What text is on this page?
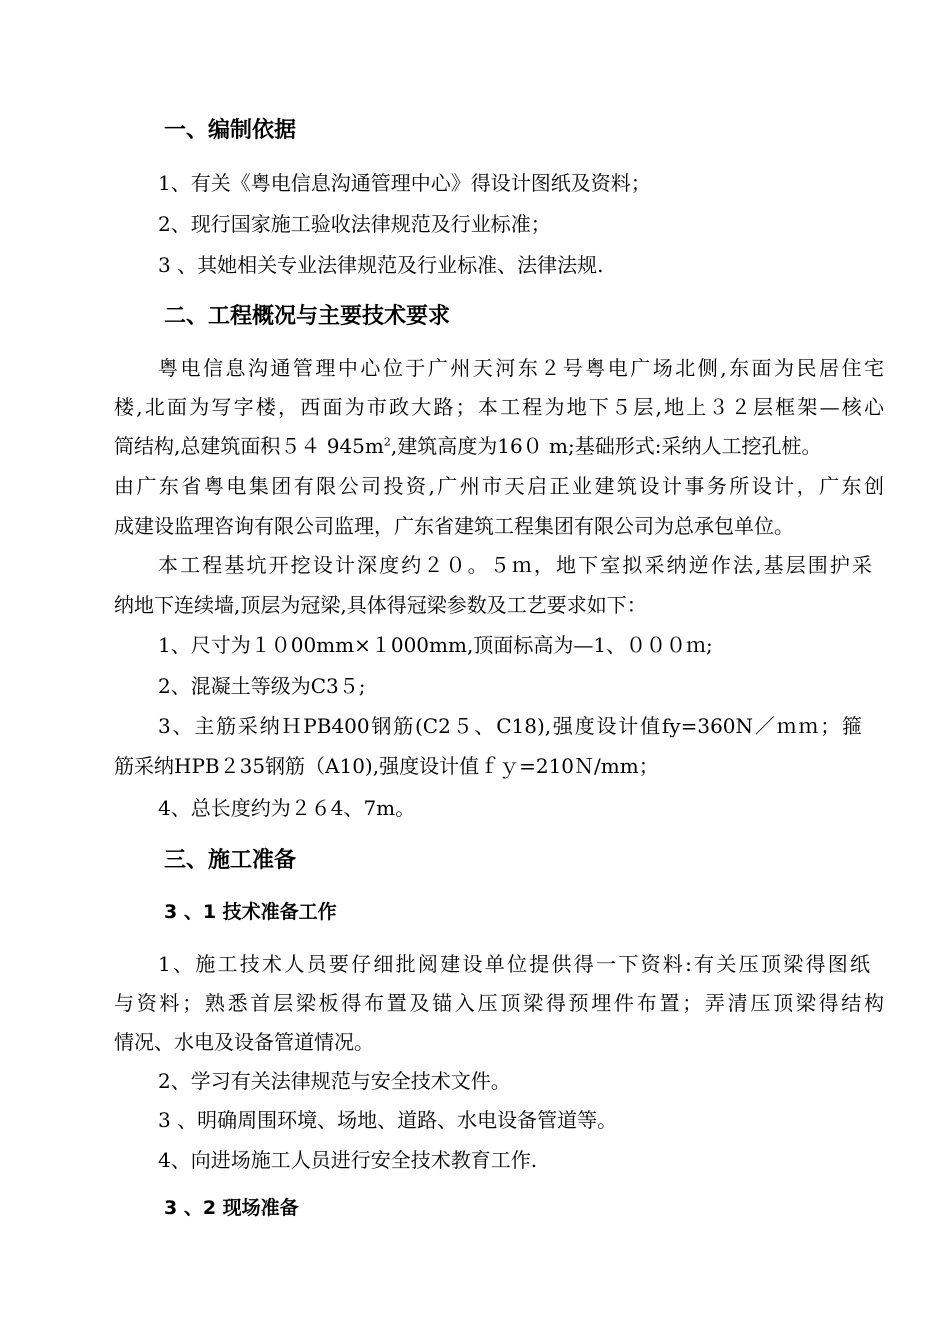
一、编制依据
1、有关《粤电信息沟通管理中心》得设计图纸及资料；
2、现行国家施工验收法律规范及行业标准；
3 、其她相关专业法律规范及行业标准、法律法规.
二、工程概况与主要技术要求
粤电信息沟通管理中心位于广州天河东２号粤电广场北侧,东面为民居住宅
楼,北面为写字楼，西面为市政大路；本工程为地下５层,地上３２层框架—核心
筒结构,总建筑面积５４ $945m^2$,建筑高度为16０ m;基础形式:采纳人工挖孔桩。
由广东省粤电集团有限公司投资,广州市天启正业建筑设计事务所设计，广东创
成建设监理咨询有限公司监理，广东省建筑工程集团有限公司为总承包单位。
本工程基坑开挖设计深度约２０。５ｍ，地下室拟采纳逆作法,基层围护采
纳地下连续墙,顶层为冠梁,具体得冠梁参数及工艺要求如下：
1、尺寸为１０00mm×１000mm,顶面标高为—1、０００ｍ;
2、混凝土等级为C3５;
3、主筋采纳ＨPB400钢筋(C2５、C18),强度设计值fy=360N／ｍｍ；箍
筋采纳HPB２35钢筋（A10),强度设计值ｆｙ=210Ｎ/mm；
4、总长度约为２６4、7m。
三、施工准备
3 、1 技术准备工作
1、施工技术人员要仔细批阅建设单位提供得一下资料:有关压顶梁得图纸
与资料；熟悉首层梁板得布置及锚入压顶梁得预埋件布置；弄清压顶梁得结构
情况、水电及设备管道情况。
2、学习有关法律规范与安全技术文件。
3 、明确周围环境、场地、道路、水电设备管道等。
4、向进场施工人员进行安全技术教育工作.
3 、2 现场准备
